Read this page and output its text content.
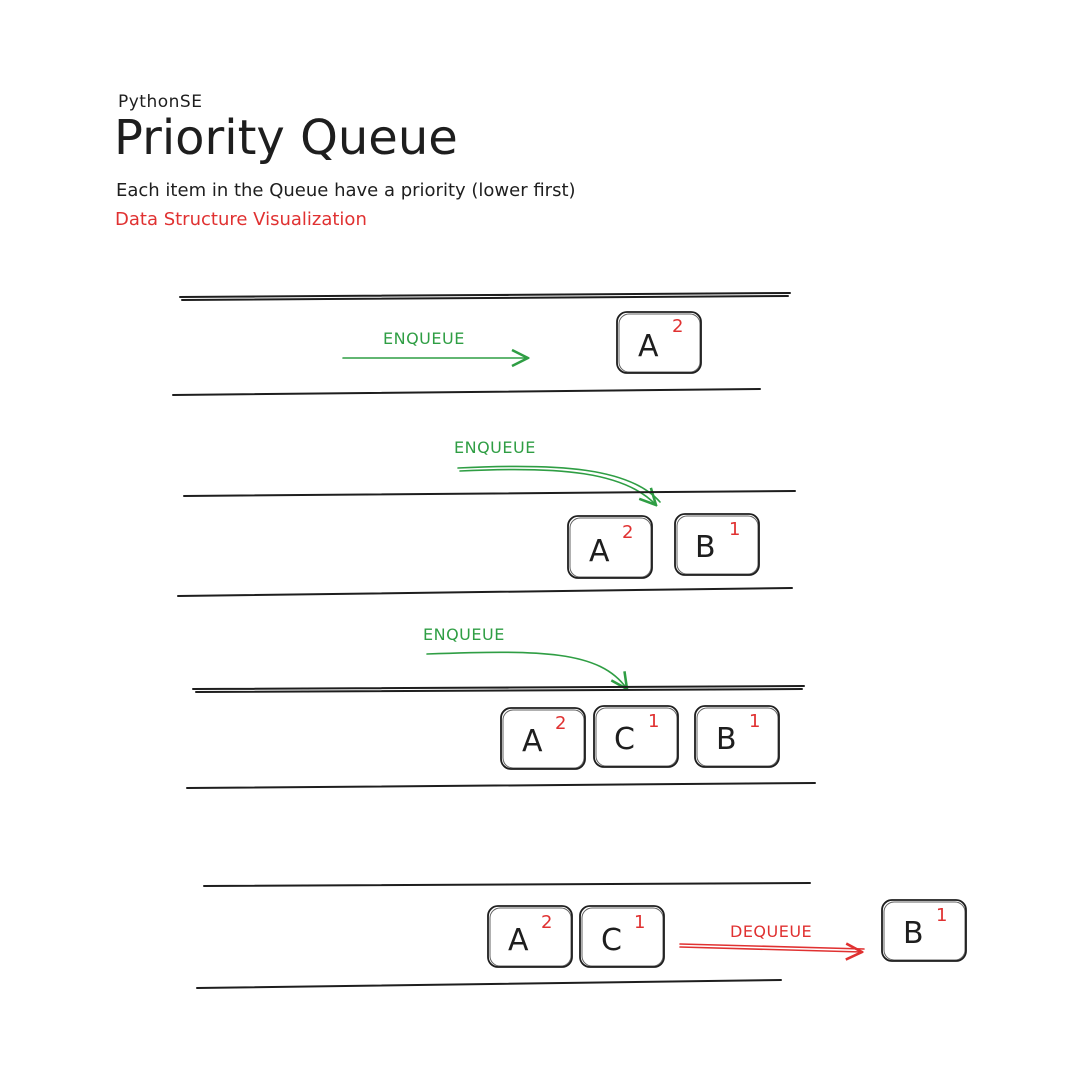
PythonSE
Priority Queue
Each item in the Queue have a priority (lower first)
Data Structure Visualization
ENQUEUE	A
2
ENQUEUE
A
2 B
1
ENQUEUE
A
2 C
1
B
1
A
2
C
1	DEQUEUE	B
1
